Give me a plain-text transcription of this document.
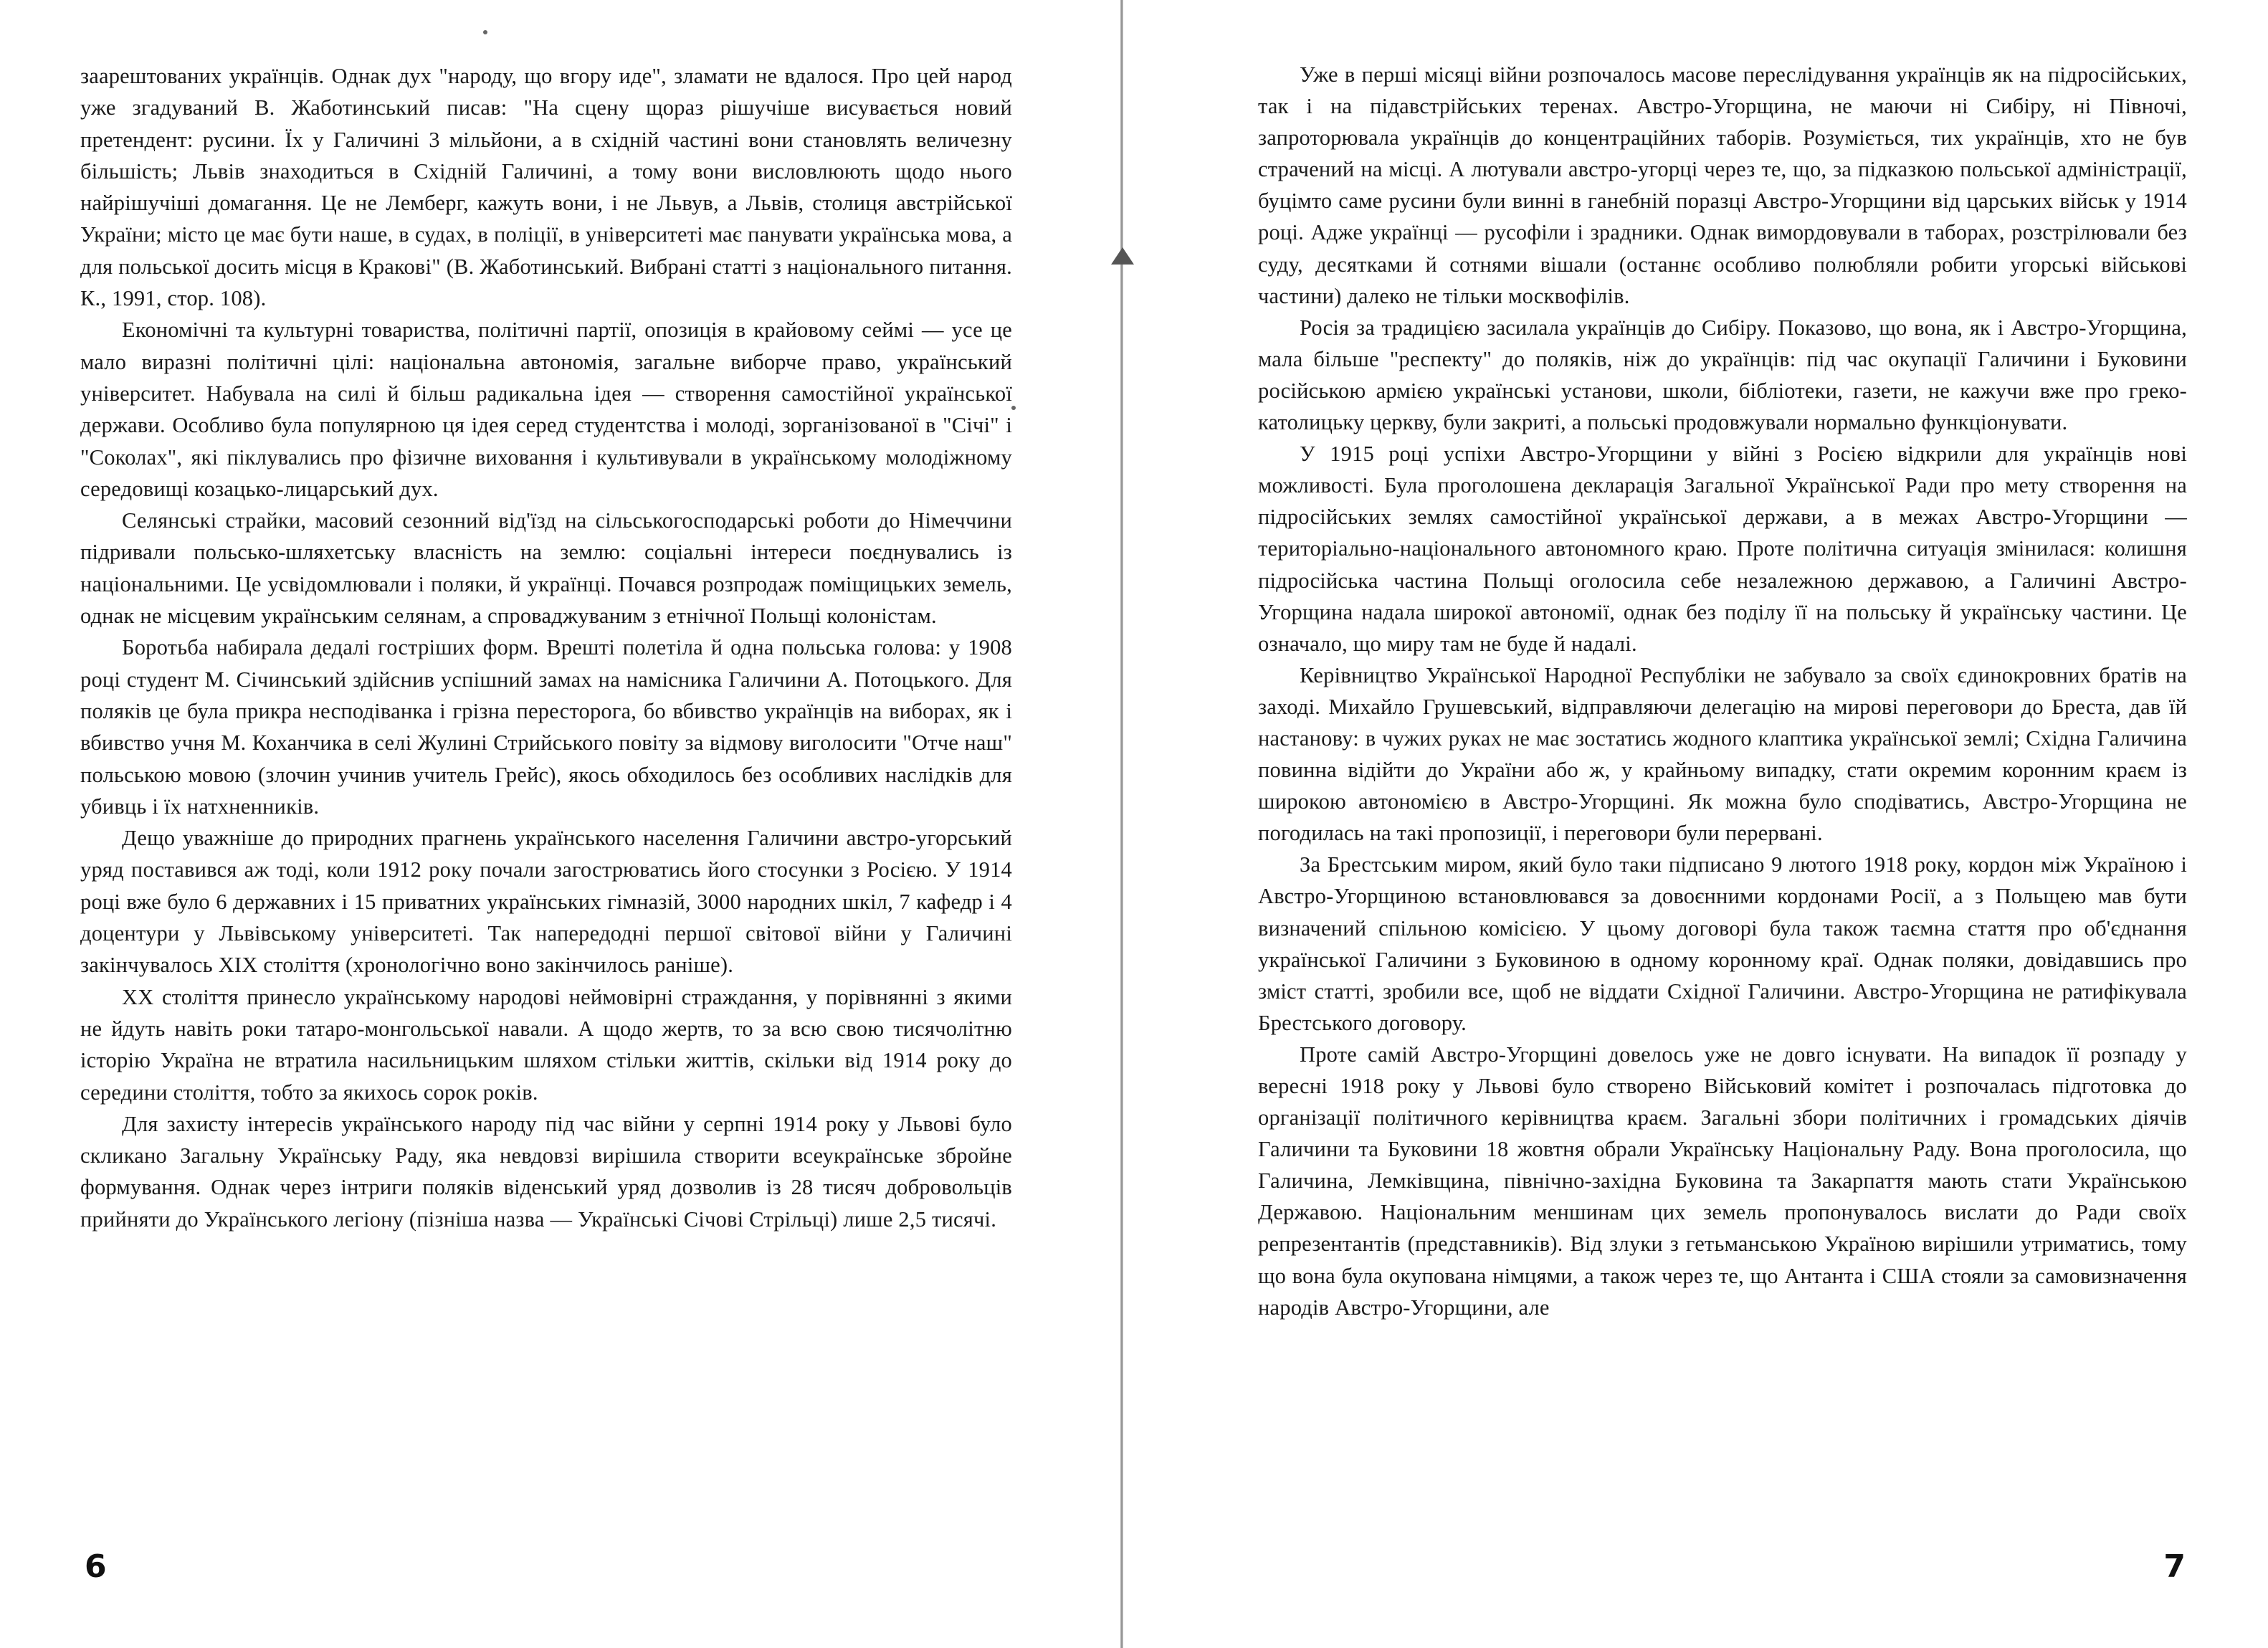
заарештованих українців. Однак дух "народу, що вгору иде", зламати не вдалося. Про цей народ уже згадуваний В. Жаботинський писав: "На сцену щораз рішучіше висувається новий претендент: русини. Їх у Галичині 3 мільйони, а в східній частині вони становлять величезну більшість; Львів знаходиться в Східній Галичині, а тому вони висловлюють щодо нього найрішучіші домагання. Це не Лемберг, кажуть вони, і не Львув, а Львів, столиця австрійської України; місто це має бути наше, в судах, в поліції, в університеті має панувати українська мова, а для польської досить місця в Кракові" (В. Жаботинський. Вибрані статті з національного питання. К., 1991, стор. 108).

Економічні та культурні товариства, політичні партії, опозиція в крайовому сеймі — усе це мало виразні політичні цілі: національна автономія, загальне виборче право, український університет. Набувала на силі й більш радикальна ідея — створення самостійної української держави. Особливо була популярною ця ідея серед студентства і молоді, зорганізованої в "Січі" і "Соколах", які піклувались про фізичне виховання і культивували в українському молодіжному середовищі козацько-лицарський дух.

Селянські страйки, масовий сезонний від'їзд на сільськогосподарські роботи до Німеччини підривали польсько-шляхетську власність на землю: соціальні інтереси поєднувались із національними. Це усвідомлювали і поляки, й українці. Почався розпродаж поміщицьких земель, однак не місцевим українським селянам, а спроваджуваним з етнічної Польщі колоністам.

Боротьба набирала дедалі гостріших форм. Врешті полетіла й одна польська голова: у 1908 році студент М. Січинський здійснив успішний замах на намісника Галичини А. Потоцького. Для поляків це була прикра несподіванка і грізна пересторога, бо вбивство українців на виборах, як і вбивство учня М. Коханчика в селі Жулині Стрийського повіту за відмову виголосити "Отче наш" польською мовою (злочин учинив учитель Грейс), якось обходилось без особливих наслідків для убивць і їх натхненників.

Дещо уважніше до природних прагнень українського населення Галичини австро-угорський уряд поставився аж тоді, коли 1912 року почали загострюватись його стосунки з Росією. У 1914 році вже було 6 державних і 15 приватних українських гімназій, 3000 народних шкіл, 7 кафедр і 4 доцентури у Львівському університеті. Так напередодні першої світової війни у Галичині закінчувалось XIX століття (хронологічно воно закінчилось раніше).

XX століття принесло українському народові неймовірні страждання, у порівнянні з якими не йдуть навіть роки татаро-монгольської навали. А щодо жертв, то за всю свою тисячолітню історію Україна не втратила насильницьким шляхом стільки життів, скільки від 1914 року до середини століття, тобто за якихось сорок років.

Для захисту інтересів українського народу під час війни у серпні 1914 року у Львові було скликано Загальну Українську Раду, яка невдовзі вирішила створити всеукраїнське збройне формування. Однак через інтриги поляків віденський уряд дозволив із 28 тисяч добровольців прийняти до Українського легіону (пізніша назва — Українські Січові Стрільці) лише 2,5 тисячі.

6

Уже в перші місяці війни розпочалось масове переслідування українців як на підросійських, так і на підавстрійських теренах. Австро-Угорщина, не маючи ні Сибіру, ні Півночі, запроторювала українців до концентраційних таборів. Розуміється, тих українців, хто не був страчений на місці. А лютували австро-угорці через те, що, за підказкою польської адміністрації, буцімто саме русини були винні в ганебній поразці Австро-Угорщини від царських військ у 1914 році. Адже українці — русофіли і зрадники. Однак вимордовували в таборах, розстрілювали без суду, десятками й сотнями вішали (останнє особливо полюбляли робити угорські військові частини) далеко не тільки москвофілів.

Росія за традицією засилала українців до Сибіру. Показово, що вона, як і Австро-Угорщина, мала більше "респекту" до поляків, ніж до українців: під час окупації Галичини і Буковини російською армією українські установи, школи, бібліотеки, газети, не кажучи вже про греко-католицьку церкву, були закриті, а польські продовжували нормально функціонувати.

У 1915 році успіхи Австро-Угорщини у війні з Росією відкрили для українців нові можливості. Була проголошена декларація Загальної Української Ради про мету створення на підросійських землях самостійної української держави, а в межах Австро-Угорщини — територіально-національного автономного краю. Проте політична ситуація змінилася: колишня підросійська частина Польщі оголосила себе незалежною державою, а Галичині Австро-Угорщина надала широкої автономії, однак без поділу її на польську й українську частини. Це означало, що миру там не буде й надалі.

Керівництво Української Народної Республіки не забувало за своїх єдинокровних братів на заході. Михайло Грушевський, відправляючи делегацію на мирові переговори до Бреста, дав їй настанову: в чужих руках не має зостатись жодного клаптика української землі; Східна Галичина повинна відійти до України або ж, у крайньому випадку, стати окремим коронним краєм із широкою автономією в Австро-Угорщині. Як можна було сподіватись, Австро-Угорщина не погодилась на такі пропозиції, і переговори були перервані.

За Брестським миром, який було таки підписано 9 лютого 1918 року, кордон між Україною і Австро-Угорщиною встановлювався за довоєнними кордонами Росії, а з Польщею мав бути визначений спільною комісією. У цьому договорі була також таємна стаття про об'єднання української Галичини з Буковиною в одному коронному краї. Однак поляки, довідавшись про зміст статті, зробили все, щоб не віддати Східної Галичини. Австро-Угорщина не ратифікувала Брестського договору.

Проте самій Австро-Угорщині довелось уже не довго існувати. На випадок її розпаду у вересні 1918 року у Львові було створено Військовий комітет і розпочалась підготовка до організації політичного керівництва краєм. Загальні збори політичних і громадських діячів Галичини та Буковини 18 жовтня обрали Українську Національну Раду. Вона проголосила, що Галичина, Лемківщина, північно-західна Буковина та Закарпаття мають стати Українською Державою. Національним меншинам цих земель пропонувалось вислати до Ради своїх репрезентантів (представників). Від злуки з гетьманською Україною вирішили утриматись, тому що вона була окупована німцями, а також через те, що Антанта і США стояли за самовизначення народів Австро-Угорщини, але

7
